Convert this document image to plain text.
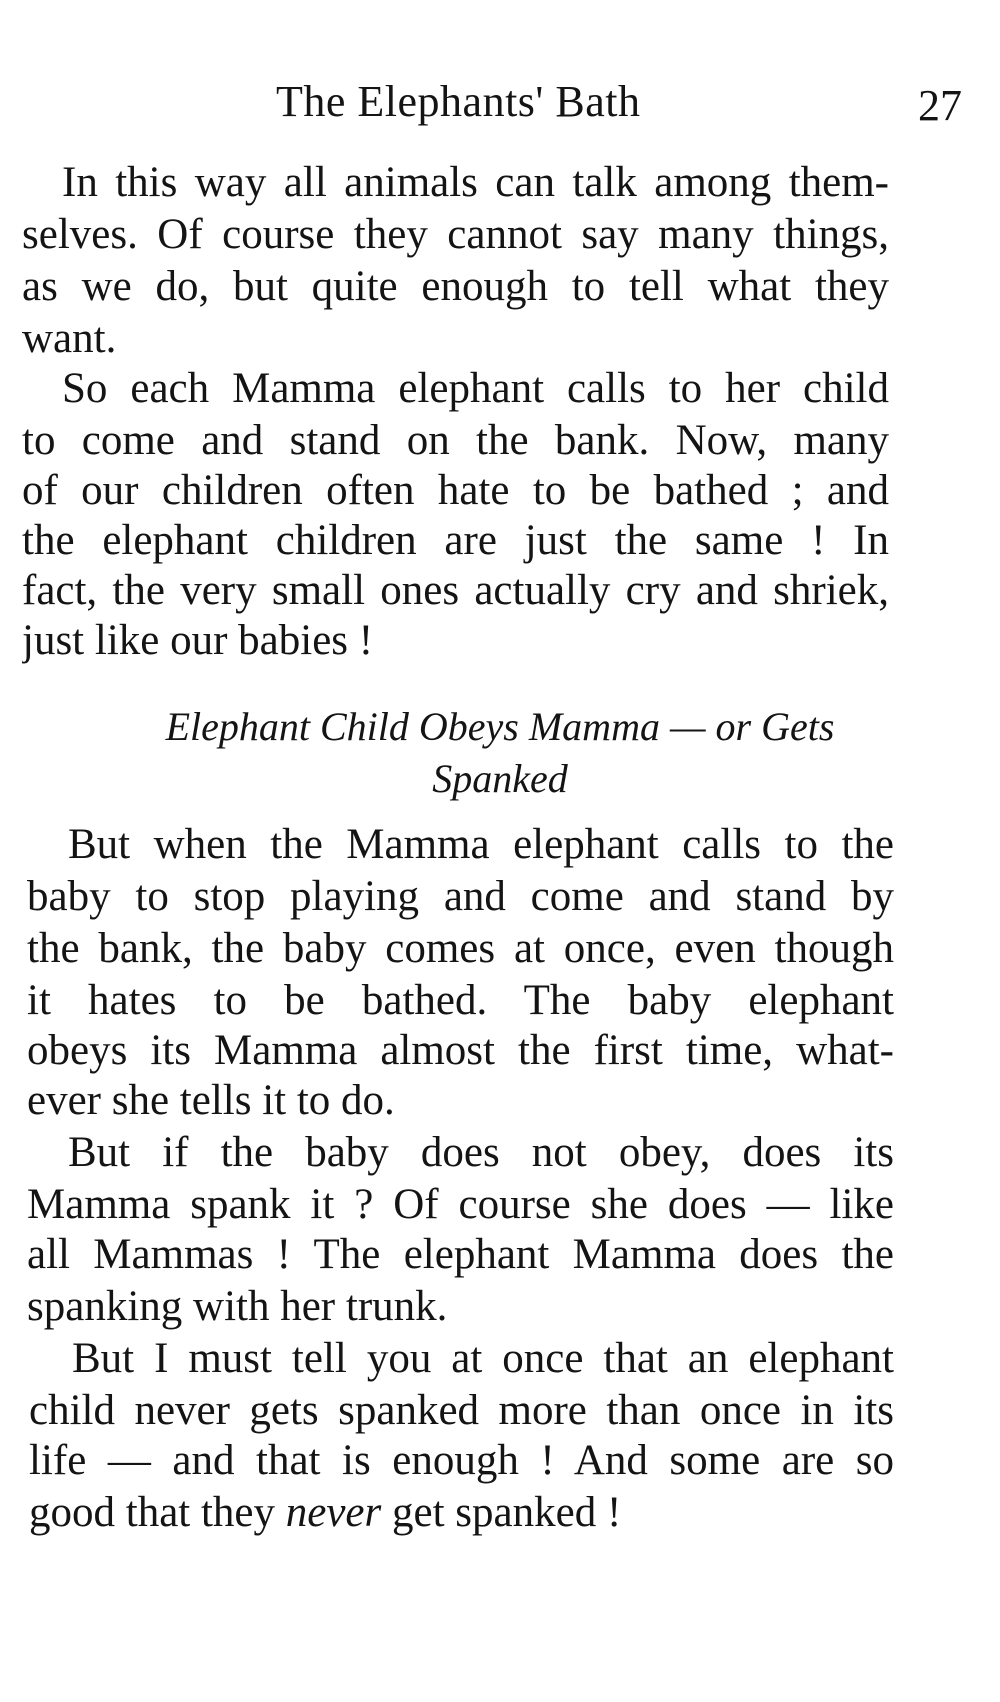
The Elephants' Bath	27
In this way all animals can talk among them-
selves. Of course they cannot say many things,
as we do, but quite enough to tell what they
want.
So each Mamma elephant calls to her child
to come and stand on the bank. Now, many
of our children often hate to be bathed ; and
the elephant children are just the same ! In
fact, the very small ones actually cry and shriek,
just like our babies !
Elephant Child Obeys Mamma — or Gets
Spanked
But when the Mamma elephant calls to the
baby to stop playing and come and stand by
the bank, the baby comes at once, even though
it hates to be bathed. The baby elephant
obeys its Mamma almost the first time, what-
ever she tells it to do.
But if the baby does not obey, does its
Mamma spank it ? Of course she does — like
all Mammas ! The elephant Mamma does the
spanking with her trunk.
But I must tell you at once that an elephant
child never gets spanked more than once in its
life — and that is enough ! And some are so
good that they never get spanked !
